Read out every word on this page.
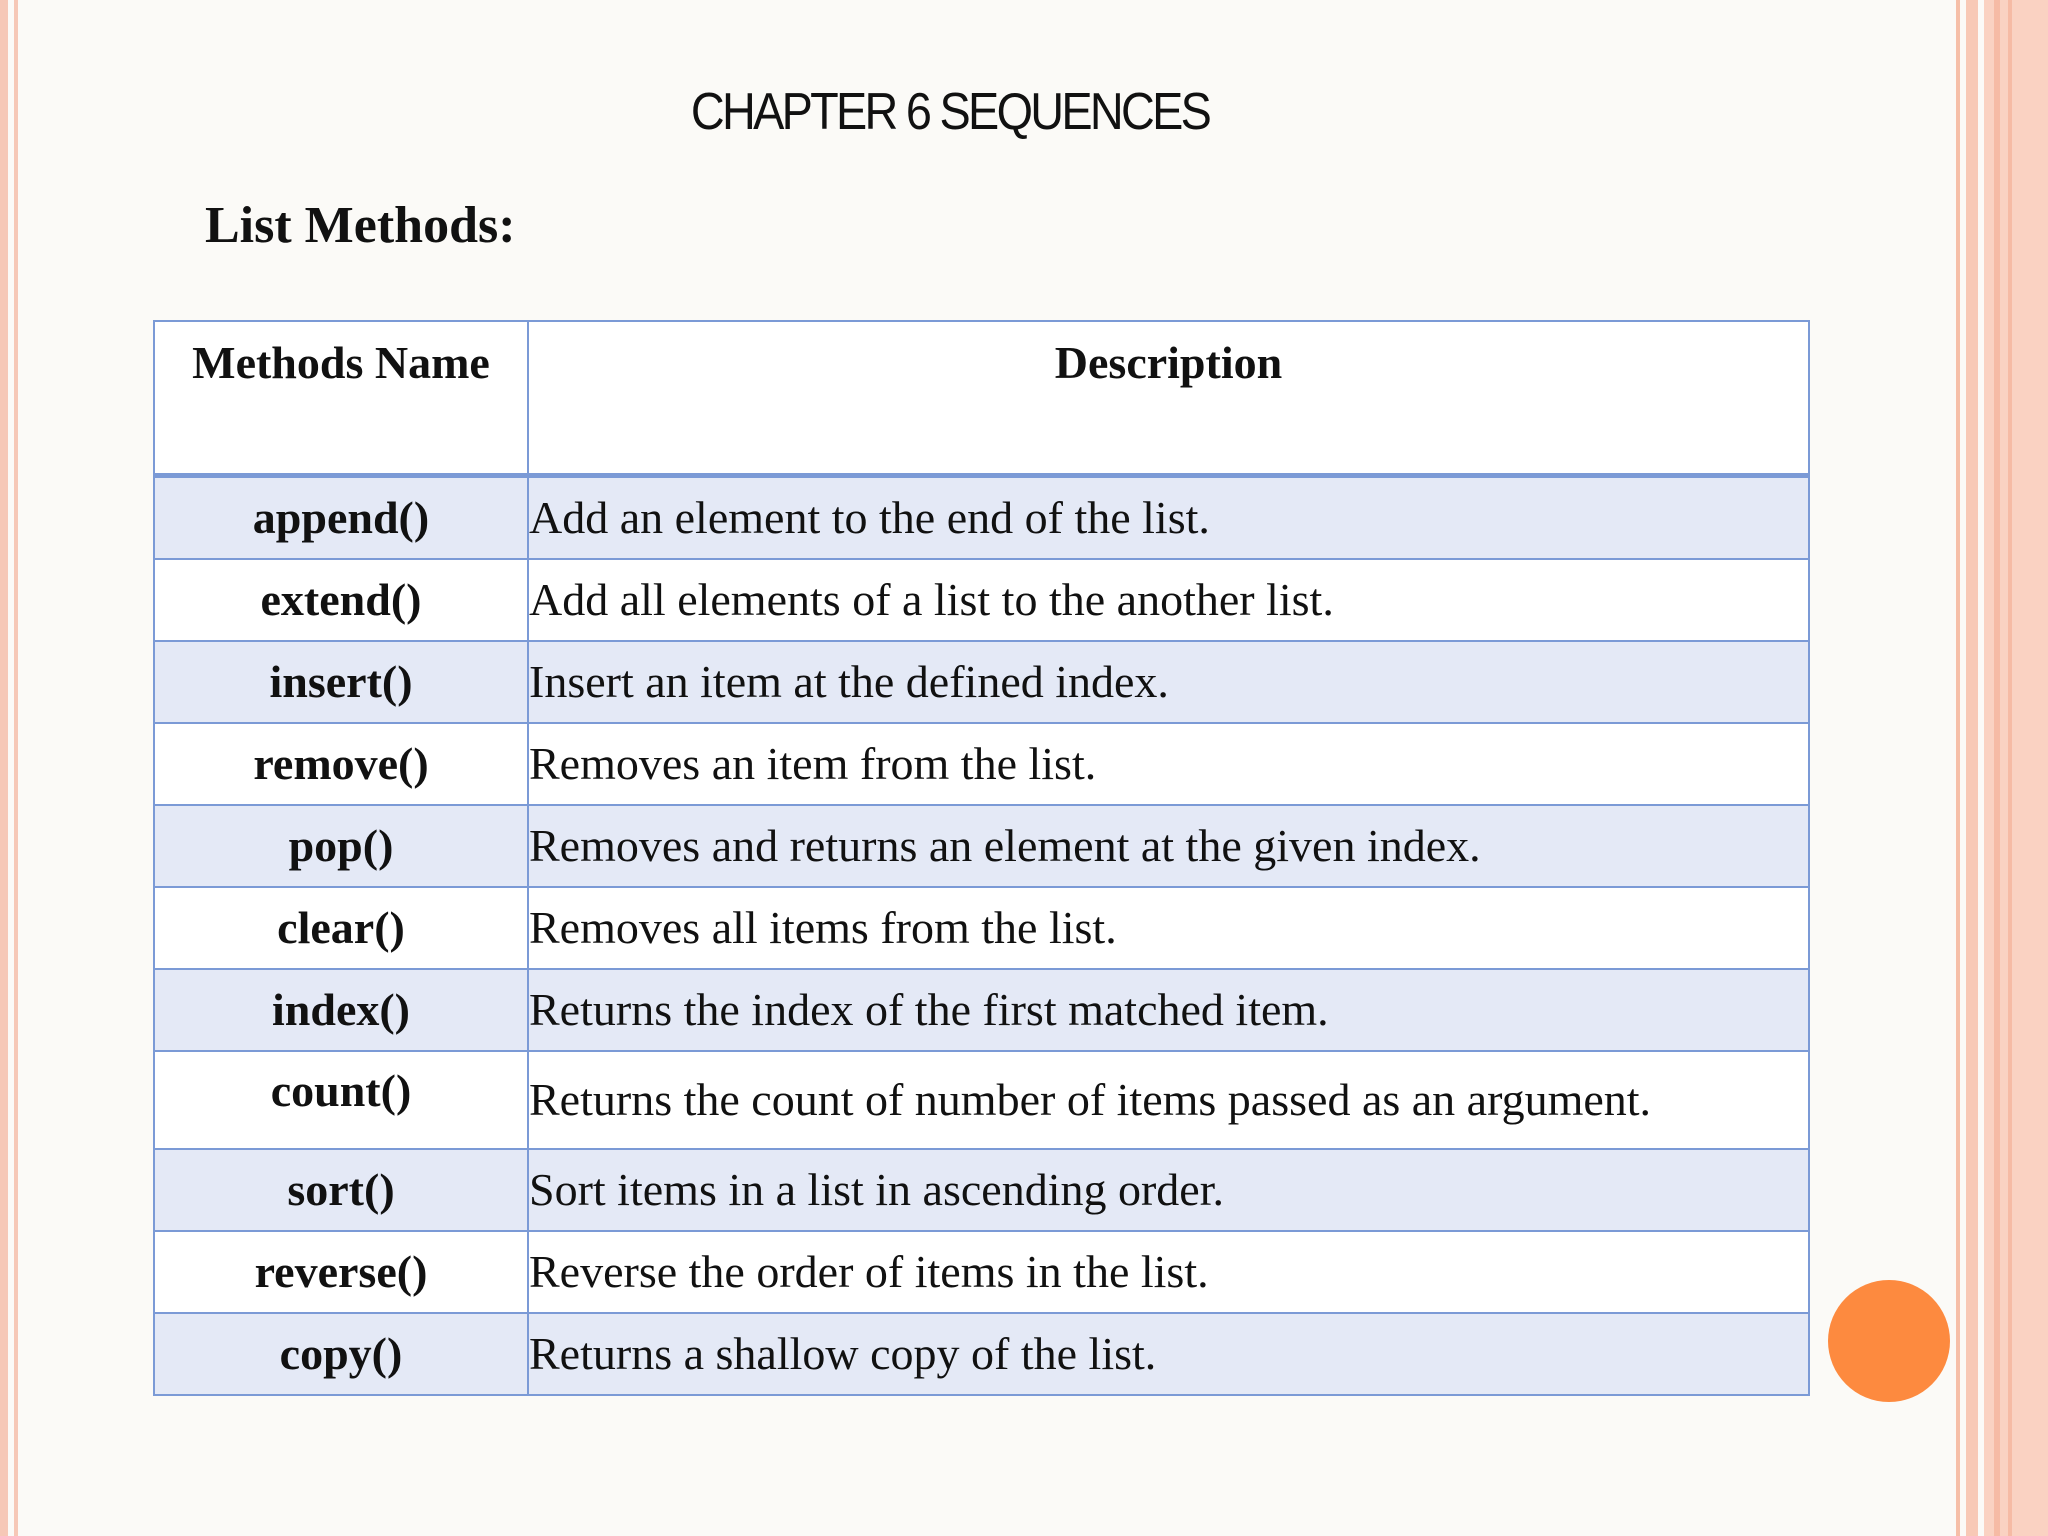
CHAPTER 6 SEQUENCES
List Methods:
Methods Name	Description
append()	Add an element to the end of the list.
extend()	Add all elements of a list to the another list.
insert()	Insert an item at the defined index.
remove()	Removes an item from the list.
pop()	Removes and returns an element at the given index.
clear()	Removes all items from the list.
index()	Returns the index of the first matched item.
count()	Returns the count of number of items passed as an argument.
sort()	Sort items in a list in ascending order.
reverse()	Reverse the order of items in the list.
copy()	Returns a shallow copy of the list.
